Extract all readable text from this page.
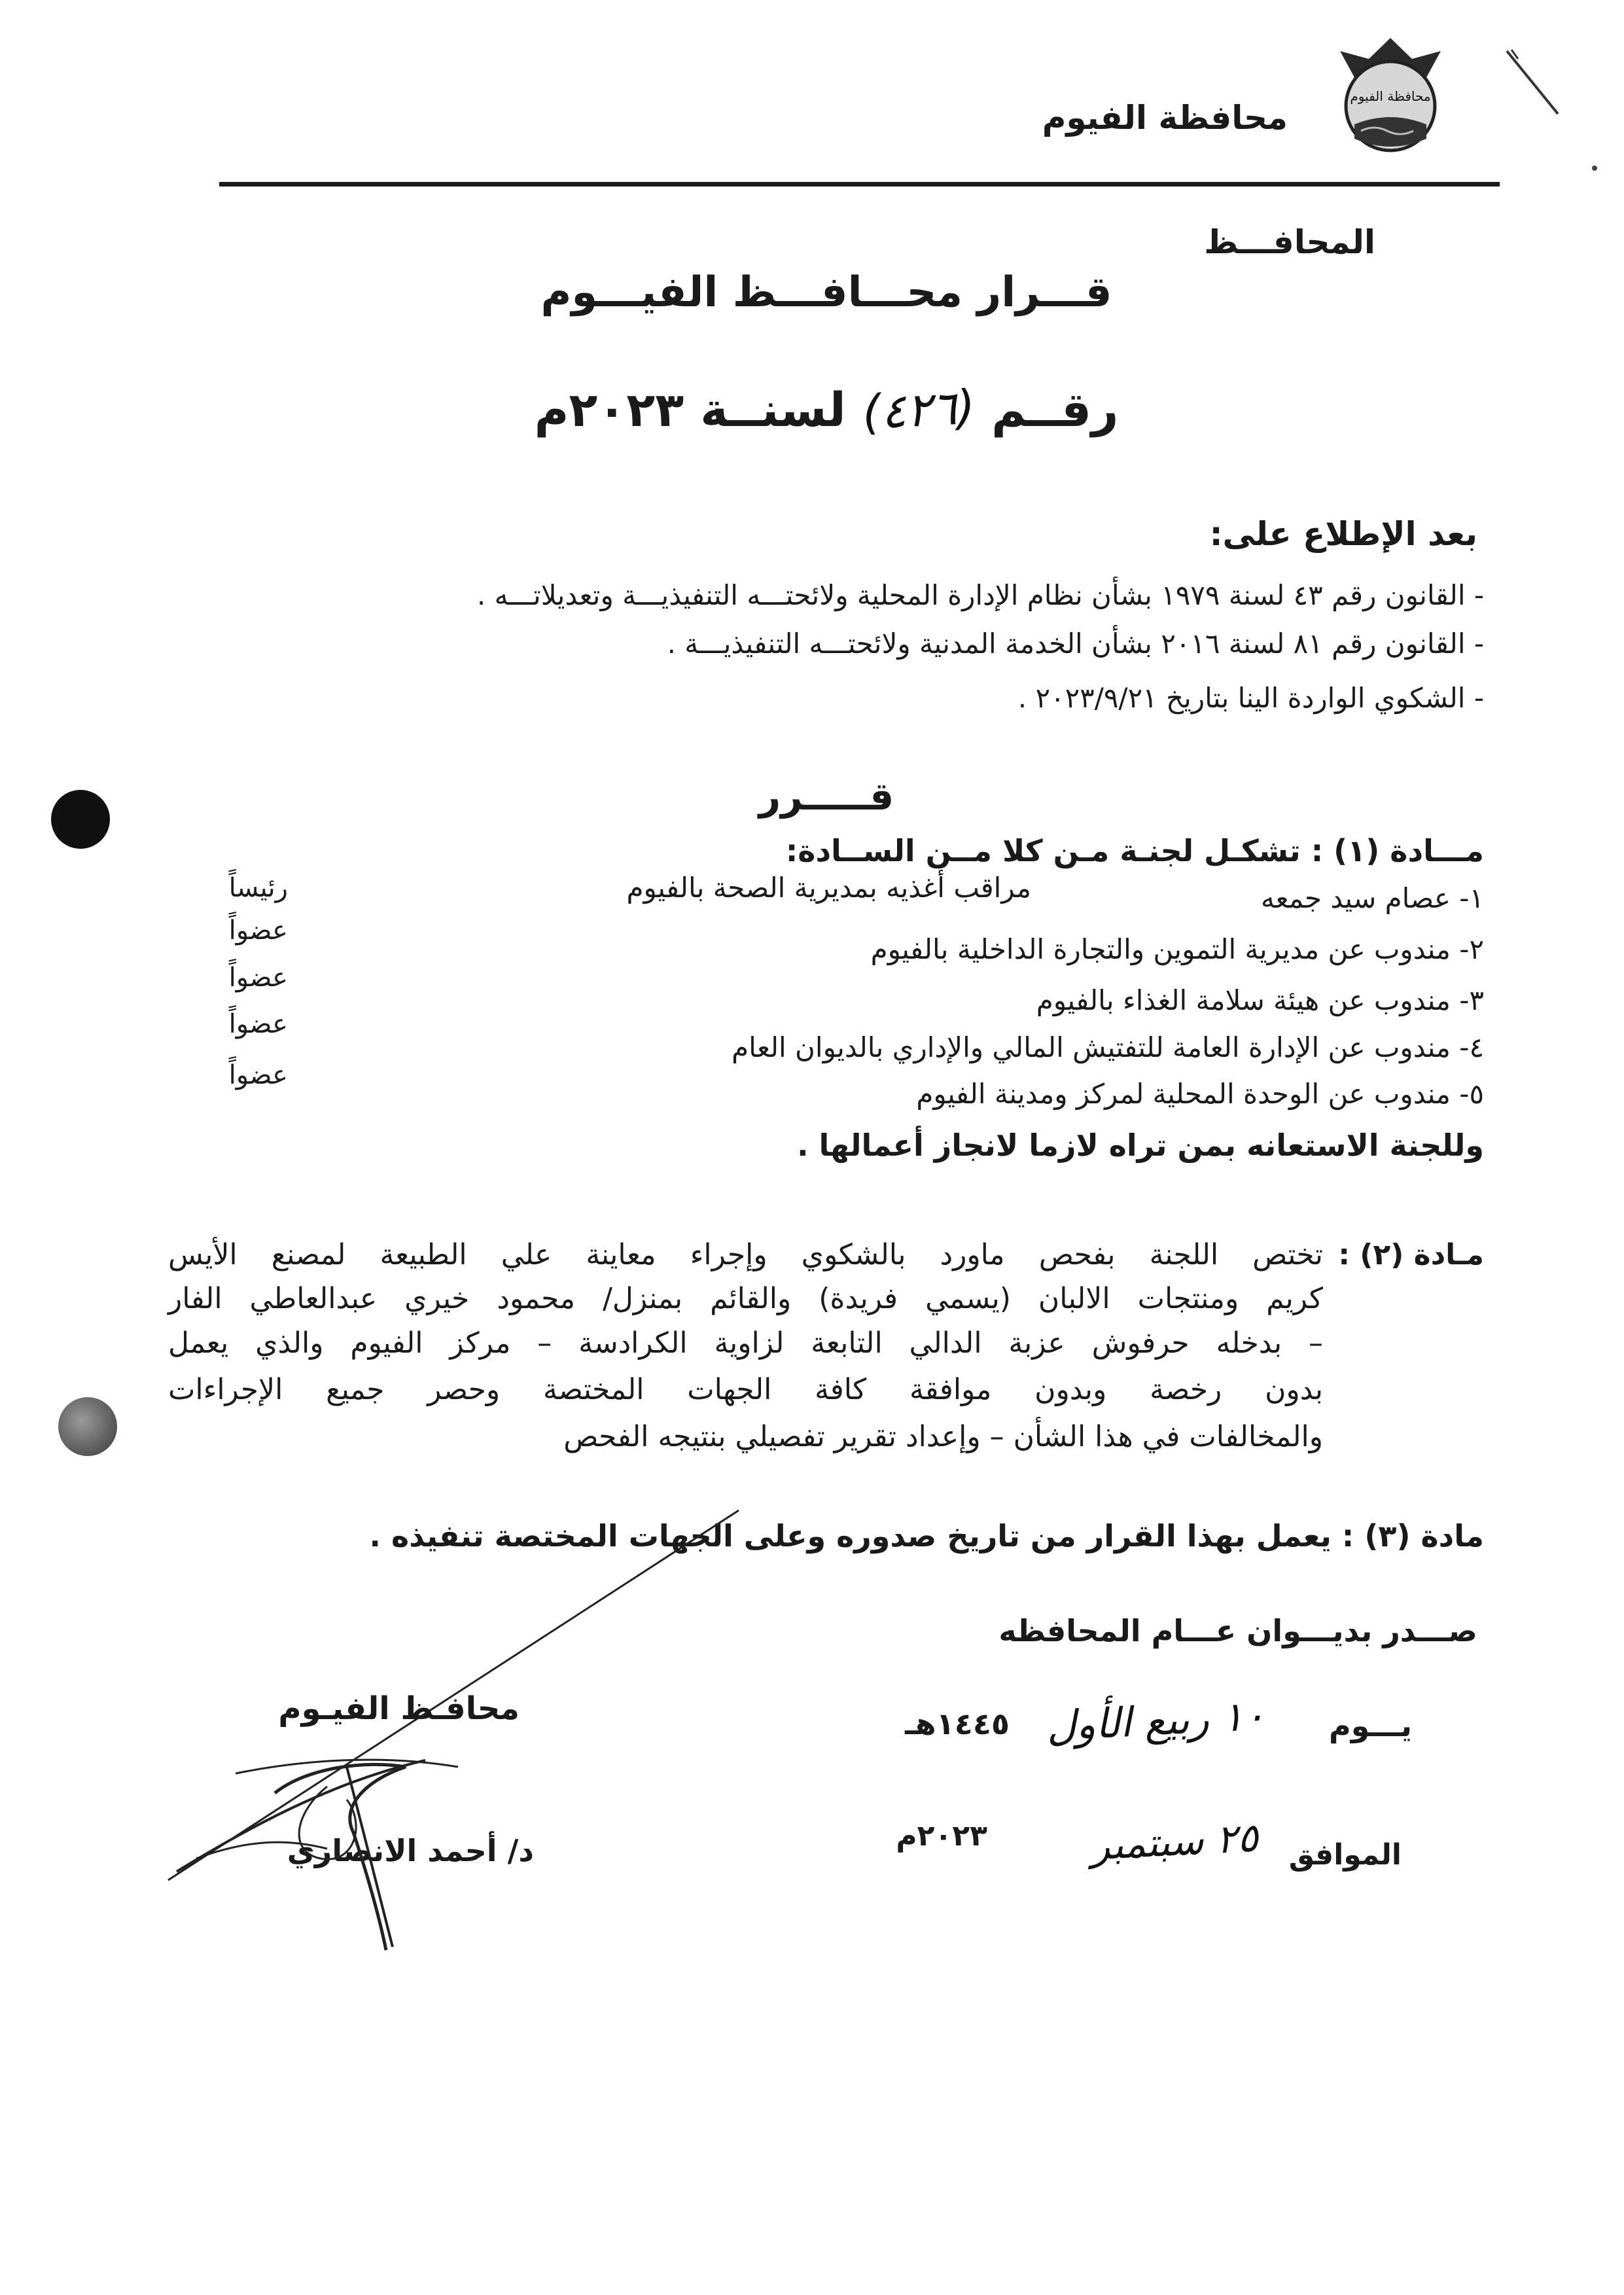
محافظة الفيوم
محافظة الفيوم
المحافـــظ
قـــرار محـــافـــظ الفيـــوم
رقــم (٤٢٦) لسنــة ٢٠٢٣م
بعد الإطلاع على:
- القانون رقم ٤٣ لسنة ١٩٧٩ بشأن نظام الإدارة المحلية ولائحتـــه التنفيذيـــة وتعديلاتـــه .
- القانون رقم ٨١ لسنة ٢٠١٦ بشأن الخدمة المدنية ولائحتـــه التنفيذيـــة .
- الشكوي الواردة الينا بتاريخ ٢٠٢٣/٩/٢١ .
قـــــرر
مـــادة (١) : تشكـل لجنـة مـن كلا مــن الســادة:
١- عصام سيد جمعه
مراقب أغذيه بمديرية الصحة بالفيوم
رئيساً
٢- مندوب عن مديرية التموين والتجارة الداخلية بالفيوم
عضواً
٣- مندوب عن هيئة سلامة الغذاء بالفيوم
عضواً
٤- مندوب عن الإدارة العامة للتفتيش المالي والإداري بالديوان العام
عضواً
٥- مندوب عن الوحدة المحلية لمركز ومدينة الفيوم
عضواً
وللجنة الاستعانه بمن تراه لازما لانجاز أعمالها .
مـادة (٢) :
تختص اللجنة بفحص ماورد بالشكوي وإجراء معاينة علي الطبيعة لمصنع الأيس
كريم ومنتجات الالبان (يسمي فريدة) والقائم بمنزل/ محمود خيري عبدالعاطي الفار
– بدخله حرفوش عزبة الدالي التابعة لزاوية الكرادسة – مركز الفيوم والذي يعمل
بدون رخصة وبدون موافقة كافة الجهات المختصة وحصر جميع الإجراءات
والمخالفات في هذا الشأن – وإعداد تقرير تفصيلي بنتيجه الفحص
مادة (٣) : يعمل بهذا القرار من تاريخ صدوره وعلى الجهات المختصة تنفيذه .
صـــدر بديـــوان عـــام المحافظه
يـــوم
١٠ ربيع الأول
١٤٤٥هـ
الموافق
٢٥ سبتمبر
٢٠٢٣م
محافـظ الفيـوم
د/ أحمد الانصاري
